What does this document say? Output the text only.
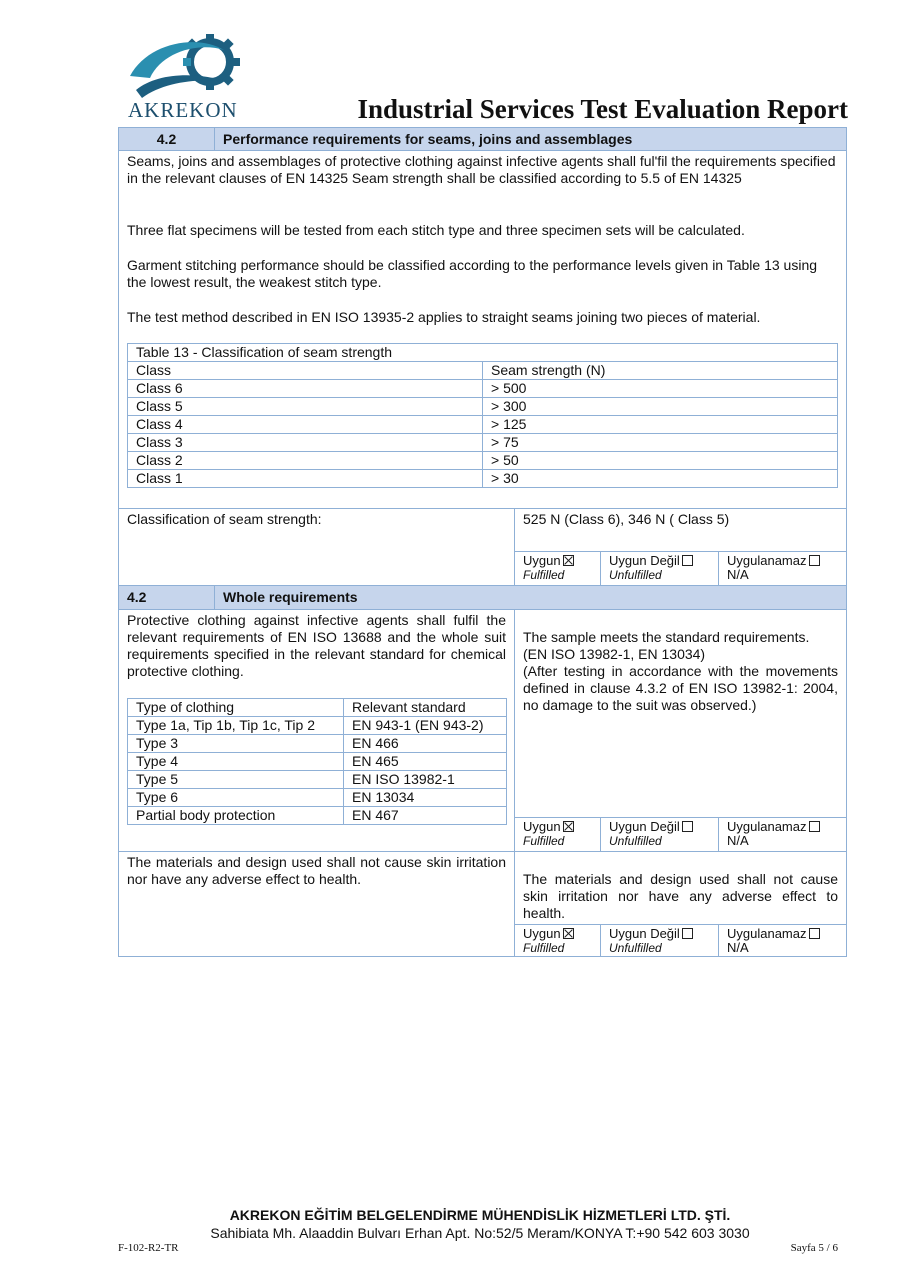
AKREKON	Industrial Services Test Evaluation Report
4.2	Performance requirements for seams, joins and assemblages
Seams, joins and assemblages of protective clothing against infective agents shall ful'fil the requirements specified in the relevant clauses of EN 14325 Seam strength shall be classified according to 5.5 of EN 14325
Three flat specimens will be tested from each stitch type and three specimen sets will be calculated.
Garment stitching performance should be classified according to the performance levels given in Table 13 using the lowest result, the weakest stitch type.
The test method described in EN ISO 13935-2 applies to straight seams joining two pieces of material.
Table 13 - Classification of seam strength	
Class	Seam strength (N)
Class 6	> 500
Class 5	> 300
Class 4	> 125
Class 3	> 75
Class 2	> 50
Class 1	> 30
Classification of seam strength:	525 N (Class 6), 346 N ( Class 5)
Uygun
Fulfilled
Uygun Değil
Unfulfilled
Uygulanamaz
N/A
4.2	Whole requirements
Protective clothing against infective agents shall fulfil the relevant requirements of EN ISO 13688 and the whole suit requirements specified in the relevant standard for chemical protective clothing.
Type of clothing	Relevant standard
Type 1a, Tip 1b, Tip 1c, Tip 2	EN 943-1 (EN 943-2)
Type 3	EN 466
Type 4	EN 465
Type 5	EN ISO 13982-1
Type 6	EN 13034
Partial body protection	EN 467
The sample meets the standard requirements.
(EN ISO 13982-1, EN 13034)
(After testing in accordance with the movements defined in clause 4.3.2 of EN ISO 13982-1: 2004, no damage to the suit was observed.)
Uygun
Fulfilled
Uygun Değil
Unfulfilled
Uygulanamaz
N/A
The materials and design used shall not cause skin irritation nor have any adverse effect to health.	The materials and design used shall not cause skin irritation nor have any adverse effect to health.
Uygun
Fulfilled
Uygun Değil
Unfulfilled
Uygulanamaz
N/A
AKREKON EĞİTİM BELGELENDİRME MÜHENDİSLİK HİZMETLERİ LTD. ŞTİ.
Sahibiata Mh. Alaaddin Bulvarı Erhan Apt. No:52/5 Meram/KONYA T:+90 542 603 3030
F-102-R2-TR	Sayfa 5 / 6
